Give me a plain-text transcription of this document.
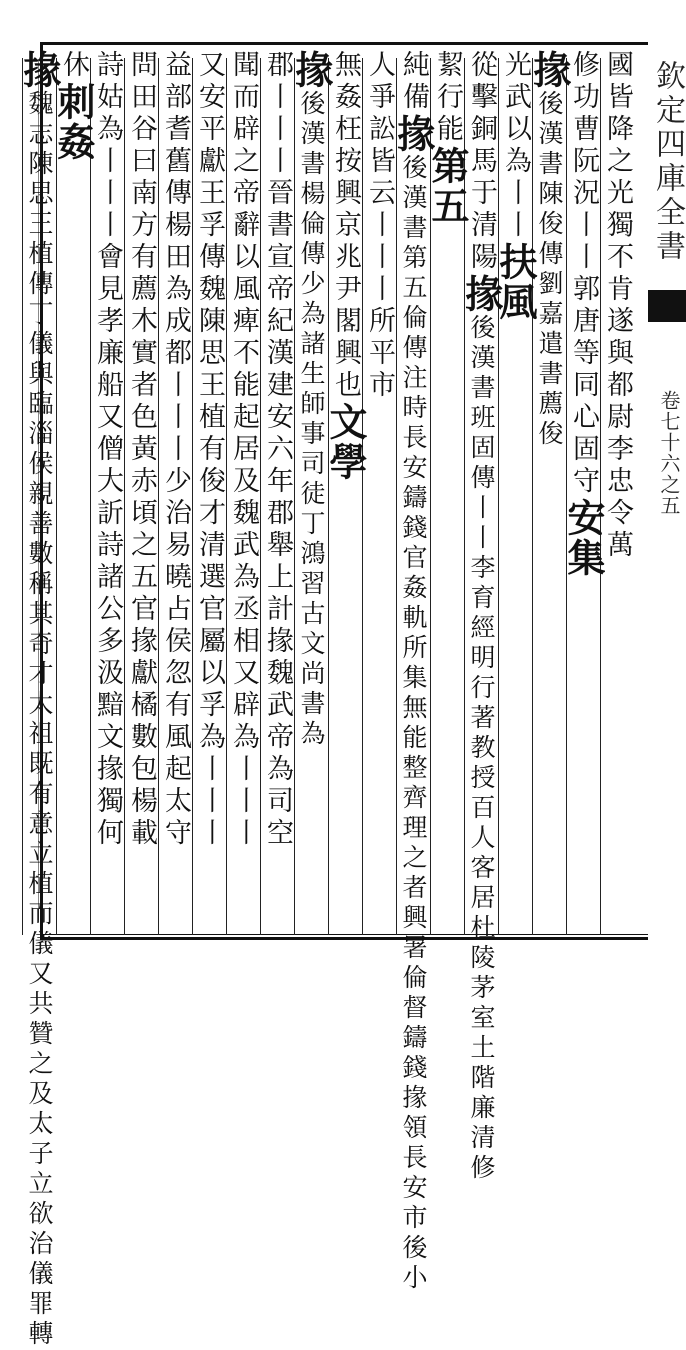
欽定四庫全書
卷七十六之五
國皆降之光獨不肯遂與都尉李忠令萬
修功曹阮況丨丨郭唐等同心固守安集
掾後漢書陳俊傳劉嘉遣書薦俊
光武以為丨丨扶風
從擊銅馬于清陽掾後漢書班固傳丨丨李育經明行著教授百人客居杜陵茅室土階廉清修
絜行能第五
純備掾後漢書第五倫傳注時長安鑄錢官姦軌所集無能整齊理之者興署倫督鑄錢掾領長安市後小
人爭訟皆云丨丨丨所平市
無姦枉按興京兆尹閣興也文學
掾後漢書楊倫傳少為諸生師事司徒丁鴻習古文尚書為
郡丨丨丨晉書宣帝紀漢建安六年郡舉上計掾魏武帝為司空
聞而辟之帝辭以風痺不能起居及魏武為丞相又辟為丨丨丨
又安平獻王孚傳魏陳思王植有俊才清選官屬以孚為丨丨丨
益部耆舊傳楊田為成都丨丨丨少治易曉占侯忽有風起太守
問田谷曰南方有薦木實者色黃赤頃之五官掾獻橘數包楊載
詩姑為丨丨丨會見孝廉船又僧大訢詩諸公多汲黯文掾獨何
休刺姦
掾魏志陳思王植傳丁儀與臨淄侯親善數稱其奇才太祖既有意立植而儀又共贊之及太子立欲治儀罪轉
